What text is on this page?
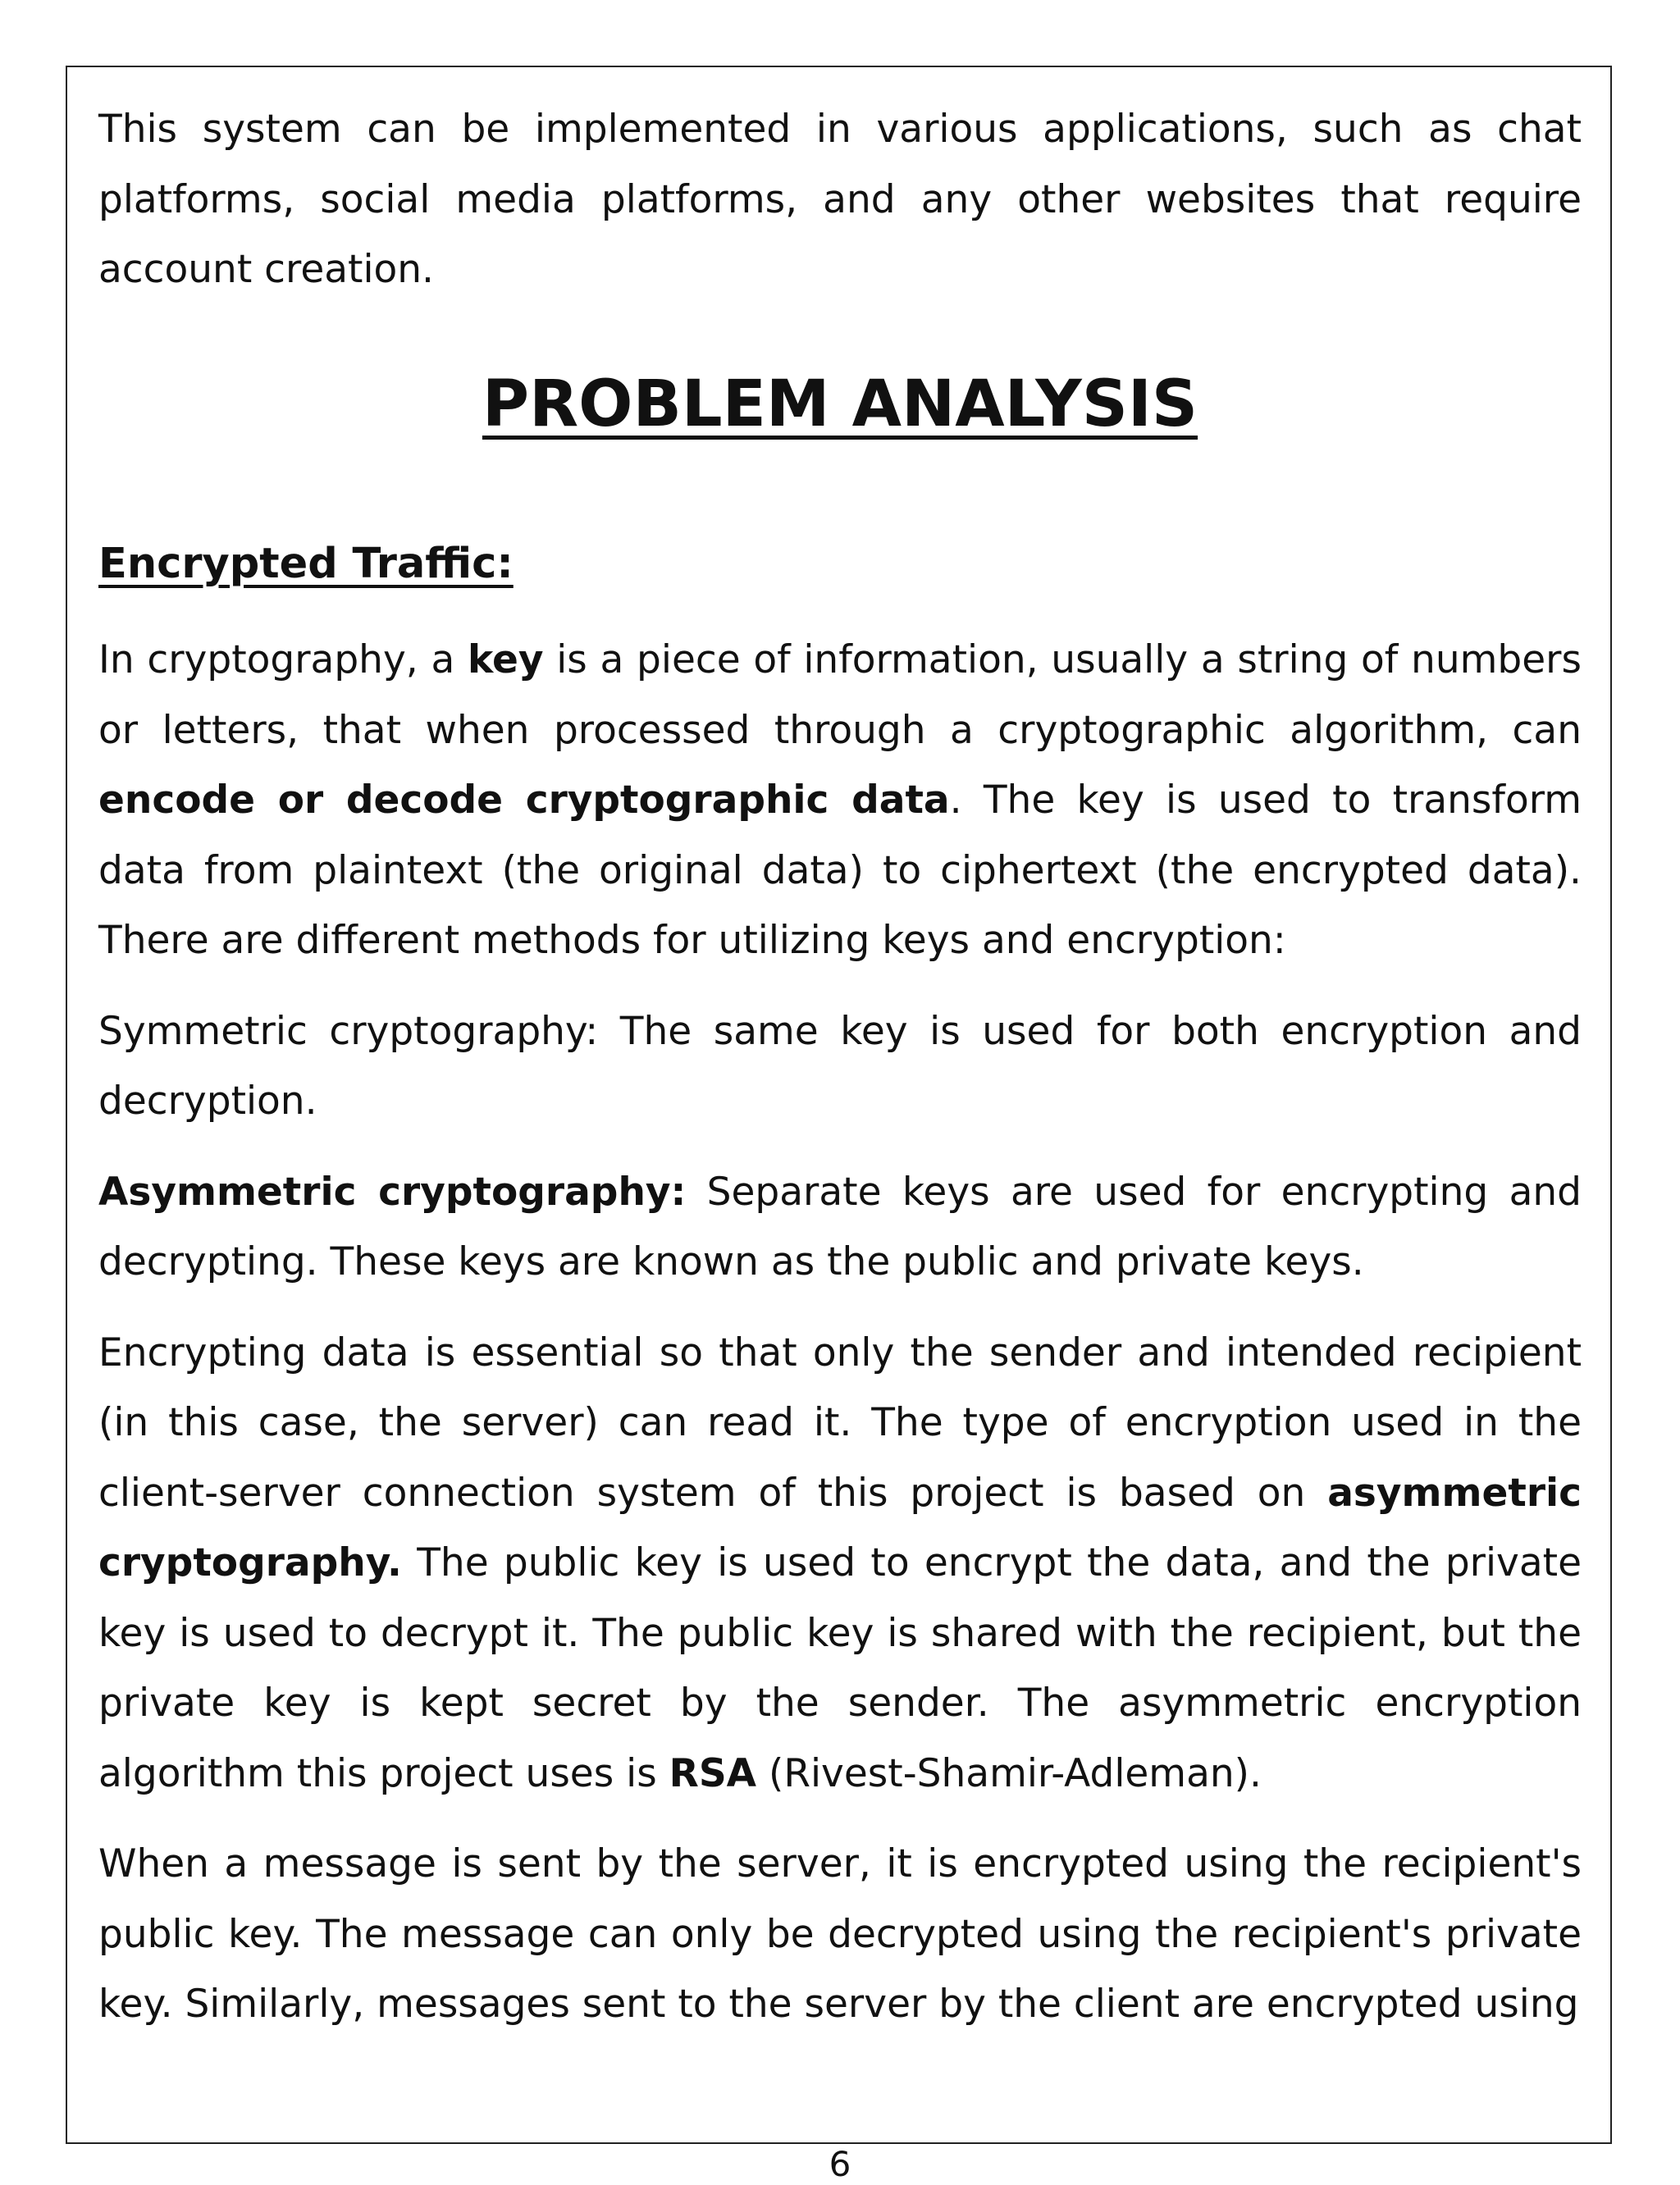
This system can be implemented in various applications, such as chat platforms, social media platforms, and any other websites that require account creation.

PROBLEM ANALYSIS
Encrypted Traffic:

In cryptography, a key is a piece of information, usually a string of numbers or letters, that when processed through a cryptographic algorithm, can encode or decode cryptographic data. The key is used to transform data from plaintext (the original data) to ciphertext (the encrypted data). There are different methods for utilizing keys and encryption:

Symmetric cryptography: The same key is used for both encryption and decryption.

Asymmetric cryptography: Separate keys are used for encrypting and decrypting. These keys are known as the public and private keys.

Encrypting data is essential so that only the sender and intended recipient (in this case, the server) can read it. The type of encryption used in the client-server connection system of this project is based on asymmetric cryptography. The public key is used to encrypt the data, and the private key is used to decrypt it. The public key is shared with the recipient, but the private key is kept secret by the sender. The asymmetric encryption algorithm this project uses is RSA (Rivest-Shamir-Adleman).

When a message is sent by the server, it is encrypted using the recipient's public key. The message can only be decrypted using the recipient's private key. Similarly, messages sent to the server by the client are encrypted using

6
